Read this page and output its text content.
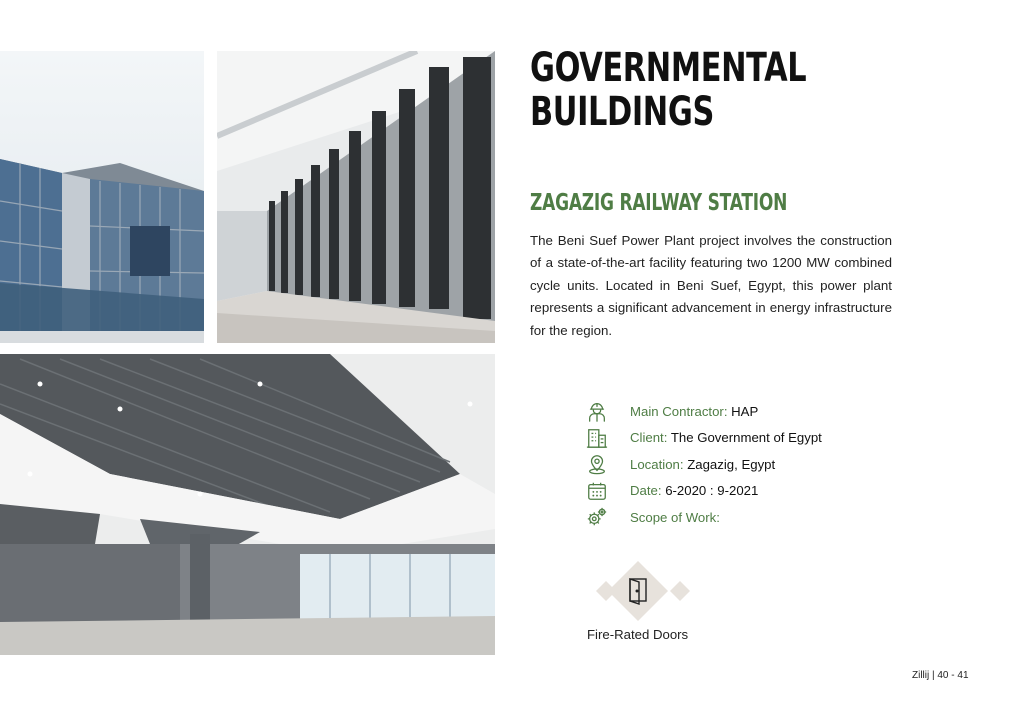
GOVERNMENTAL
BUILDINGS
ZAGAZIG RAILWAY STATION

The Beni Suef Power Plant project involves the construction of a state-of-the-art facility featuring two 1200 MW combined cycle units. Located in Beni Suef, Egypt, this power plant represents a significant advancement in energy infrastructure for the region.

Main Contractor: HAP
Client: The Government of Egypt
Location: Zagazig, Egypt
Date: 6-2020 : 9-2021
Scope of Work:
Fire-Rated Doors
Zillij | 40 - 41
